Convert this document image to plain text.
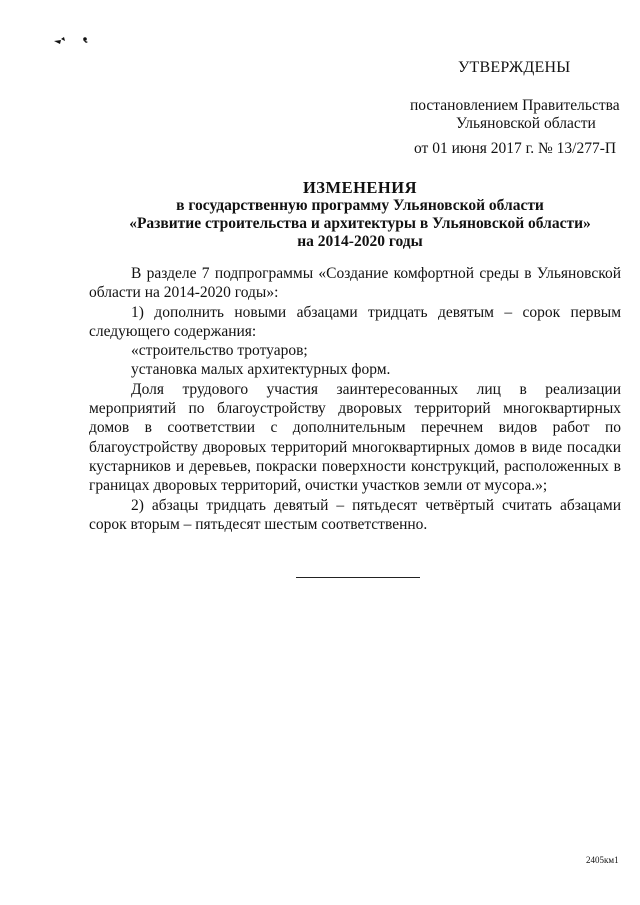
УТВЕРЖДЕНЫ
постановлением Правительства
Ульяновской области
от 01 июня 2017 г. № 13/277-П
ИЗМЕНЕНИЯ
в государственную программу Ульяновской области
«Развитие строительства и архитектуры в Ульяновской области»
на 2014-2020 годы

В разделе 7 подпрограммы «Создание комфортной среды в Ульяновской области на 2014-2020 годы»:

1) дополнить новыми абзацами тридцать девятым – сорок первым следующего содержания:

«строительство тротуаров;

установка малых архитектурных форм.

Доля трудового участия заинтересованных лиц в реализации мероприятий по благоустройству дворовых территорий многоквартирных домов в соответствии с дополнительным перечнем видов работ по благоустройству дворовых территорий многоквартирных домов в виде посадки кустарников и деревьев, покраски поверхности конструкций, расположенных в границах дворовых территорий, очистки участков земли от мусора.»;

2) абзацы тридцать девятый – пятьдесят четвёртый считать абзацами сорок вторым – пятьдесят шестым соответственно.

2405км1
